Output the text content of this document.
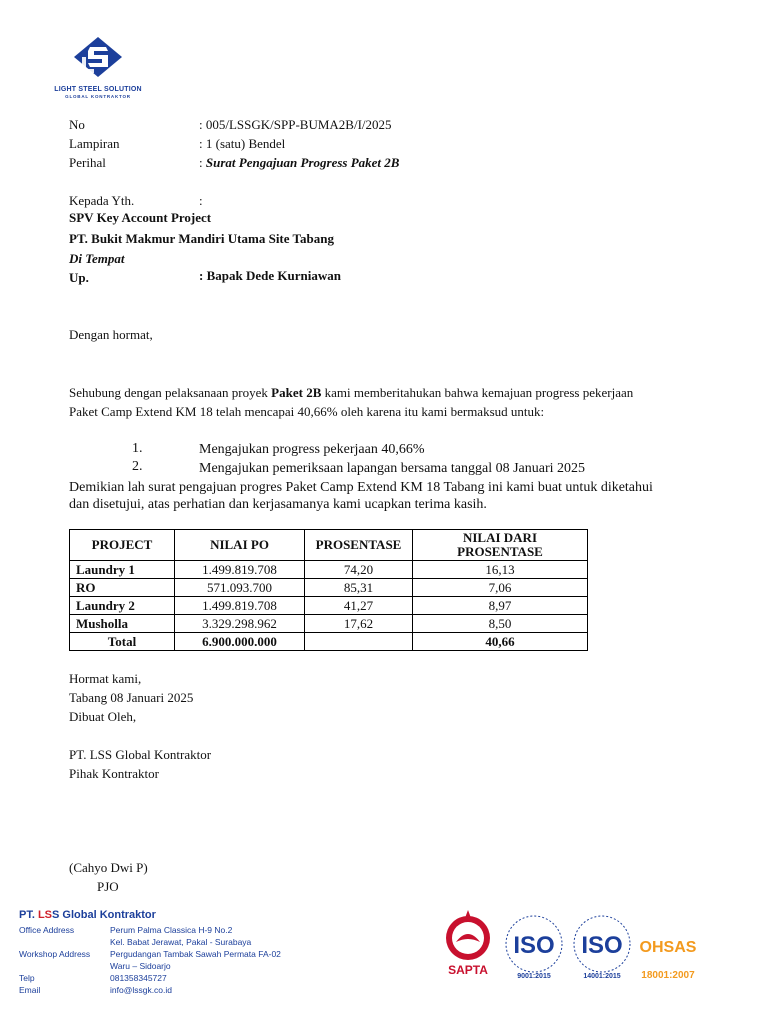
LIGHT STEEL SOLUTION
GLOBAL KONTRAKTOR
No	: 005/LSSGK/SPP-BUMA2B/I/2025
Lampiran	: 1 (satu) Bendel
Perihal	: Surat Pengajuan Progress Paket 2B
Kepada Yth.	:
SPV Key Account Project
PT. Bukit Makmur Mandiri Utama Site Tabang
Di Tempat
Up.	: Bapak Dede Kurniawan
Dengan hormat,
Sehubung dengan pelaksanaan proyek Paket 2B kami memberitahukan bahwa kemajuan progress pekerjaan
Paket Camp Extend KM 18 telah mencapai 40,66% oleh karena itu kami bermaksud untuk:
1.	Mengajukan progress pekerjaan 40,66%
2.	Mengajukan pemeriksaan lapangan bersama tanggal 08 Januari 2025
Demikian lah surat pengajuan progres Paket Camp Extend KM 18 Tabang ini kami buat untuk diketahui
dan disetujui, atas perhatian dan kerjasamanya kami ucapkan terima kasih.
PROJECT	NILAI PO	PROSENTASE	NILAI DARI PROSENTASE
Laundry 1	1.499.819.708	74,20	16,13
RO	571.093.700	85,31	7,06
Laundry 2	1.499.819.708	41,27	8,97
Musholla	3.329.298.962	17,62	8,50
Total	6.900.000.000		40,66
Hormat kami,
Tabang 08 Januari 2025
Dibuat Oleh,
PT. LSS Global Kontraktor
Pihak Kontraktor
(Cahyo Dwi P)
PJO
PT. LSS Global Kontraktor
Office Address	Perum Palma Classica H-9 No.2
Kel. Babat Jerawat, Pakal - Surabaya
Workshop Address Pergudangan Tambak Sawah Permata FA-02
Waru – Sidoarjo
Telp	081358345727
Email	info@lssgk.co.id
SAPTA
ISO
9001:2015
ISO
14001:2015
OHSAS
18001:2007
